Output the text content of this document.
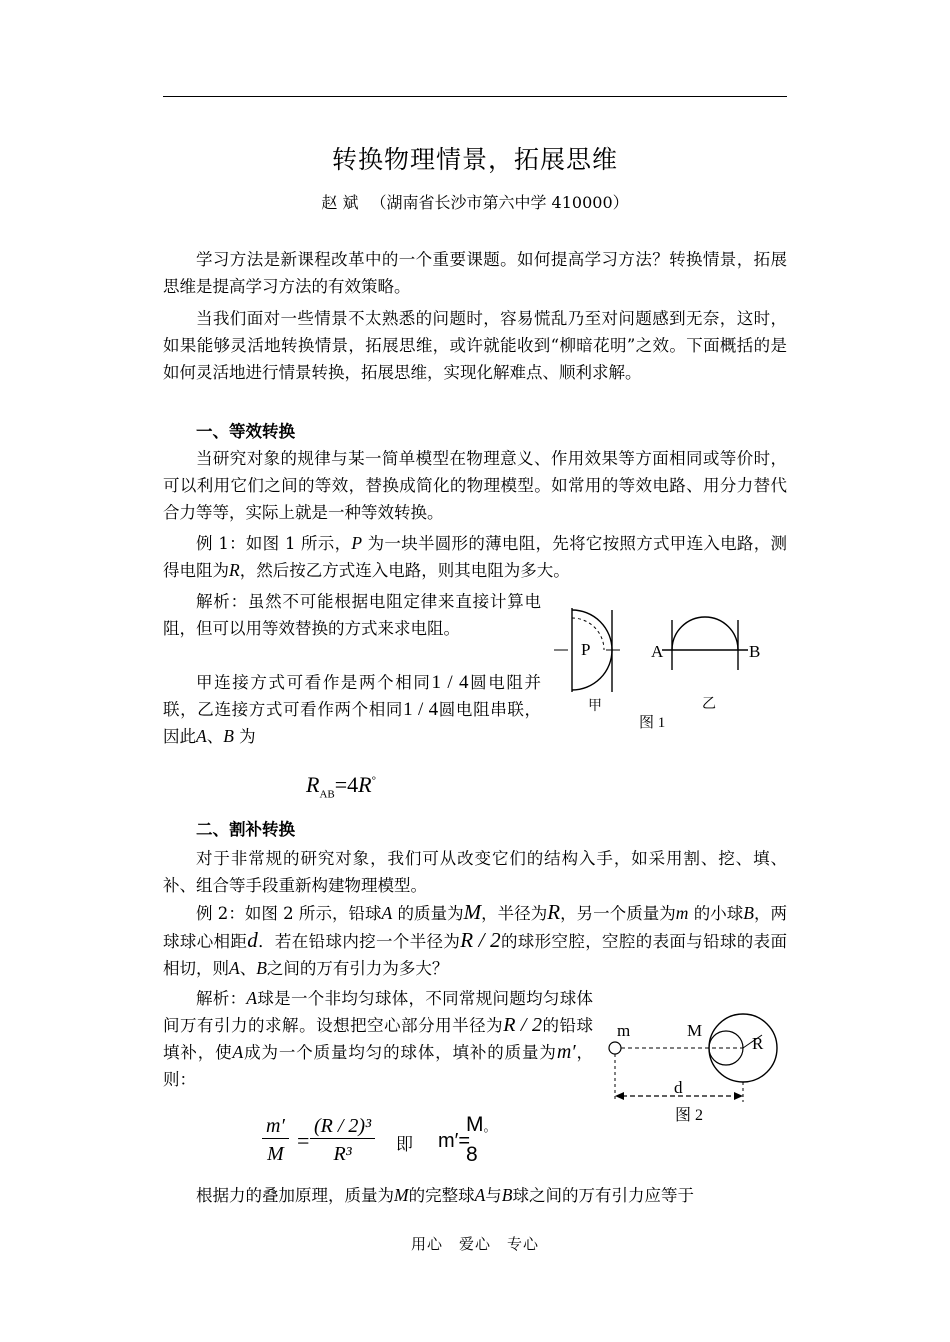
转换物理情景，拓展思维
赵 斌 （湖南省长沙市第六中学 410000）
学习方法是新课程改革中的一个重要课题。如何提高学习方法？转换情景，拓展思维是提高学习方法的有效策略。
当我们面对一些情景不太熟悉的问题时，容易慌乱乃至对问题感到无奈，这时，如果能够灵活地转换情景，拓展思维，或许就能收到“柳暗花明”之效。下面概括的是如何灵活地进行情景转换，拓展思维，实现化解难点、顺利求解。
一、等效转换
当研究对象的规律与某一简单模型在物理意义、作用效果等方面相同或等价时，可以利用它们之间的等效，替换成简化的物理模型。如常用的等效电路、用分力替代合力等等，实际上就是一种等效转换。
例 1：如图 1 所示，P 为一块半圆形的薄电阻，先将它按照方式甲连入电路，测得电阻为R，然后按乙方式连入电路，则其电阻为多大。
解析：虽然不可能根据电阻定律来直接计算电阻，但可以用等效替换的方式来求电阻。
甲连接方式可看作是两个相同1 / 4圆电阻并联，乙连接方式可看作两个相同1 / 4圆电阻串联，因此A、B 为
$R_{AB}=4R^\circ$
P
甲
A	B
乙
图 1
二、割补转换
对于非常规的研究对象，我们可从改变它们的结构入手，如采用割、挖、填、补、组合等手段重新构建物理模型。
例 2：如图 2 所示，铅球A 的质量为M，半径为R，另一个质量为m 的小球B，两球球心相距d．若在铅球内挖一个半径为R / 2的球形空腔，空腔的表面与铅球的表面相切，则A、B之间的万有引力为多大？
解析：A球是一个非均匀球体，不同常规问题均匀球体间万有引力的求解。设想把空心部分用半径为R / 2的铅球填补，使A成为一个质量均匀的球体，填补的质量为m′，则：
m	M
R
d
图 2
$\frac{m'}{M} = \frac{\text{(R / 2)³}}{\text{R³}}$ 即 m′=
M。
8
根据力的叠加原理，质量为M的完整球A与B球之间的万有引力应等于
用心　爱心　专心
